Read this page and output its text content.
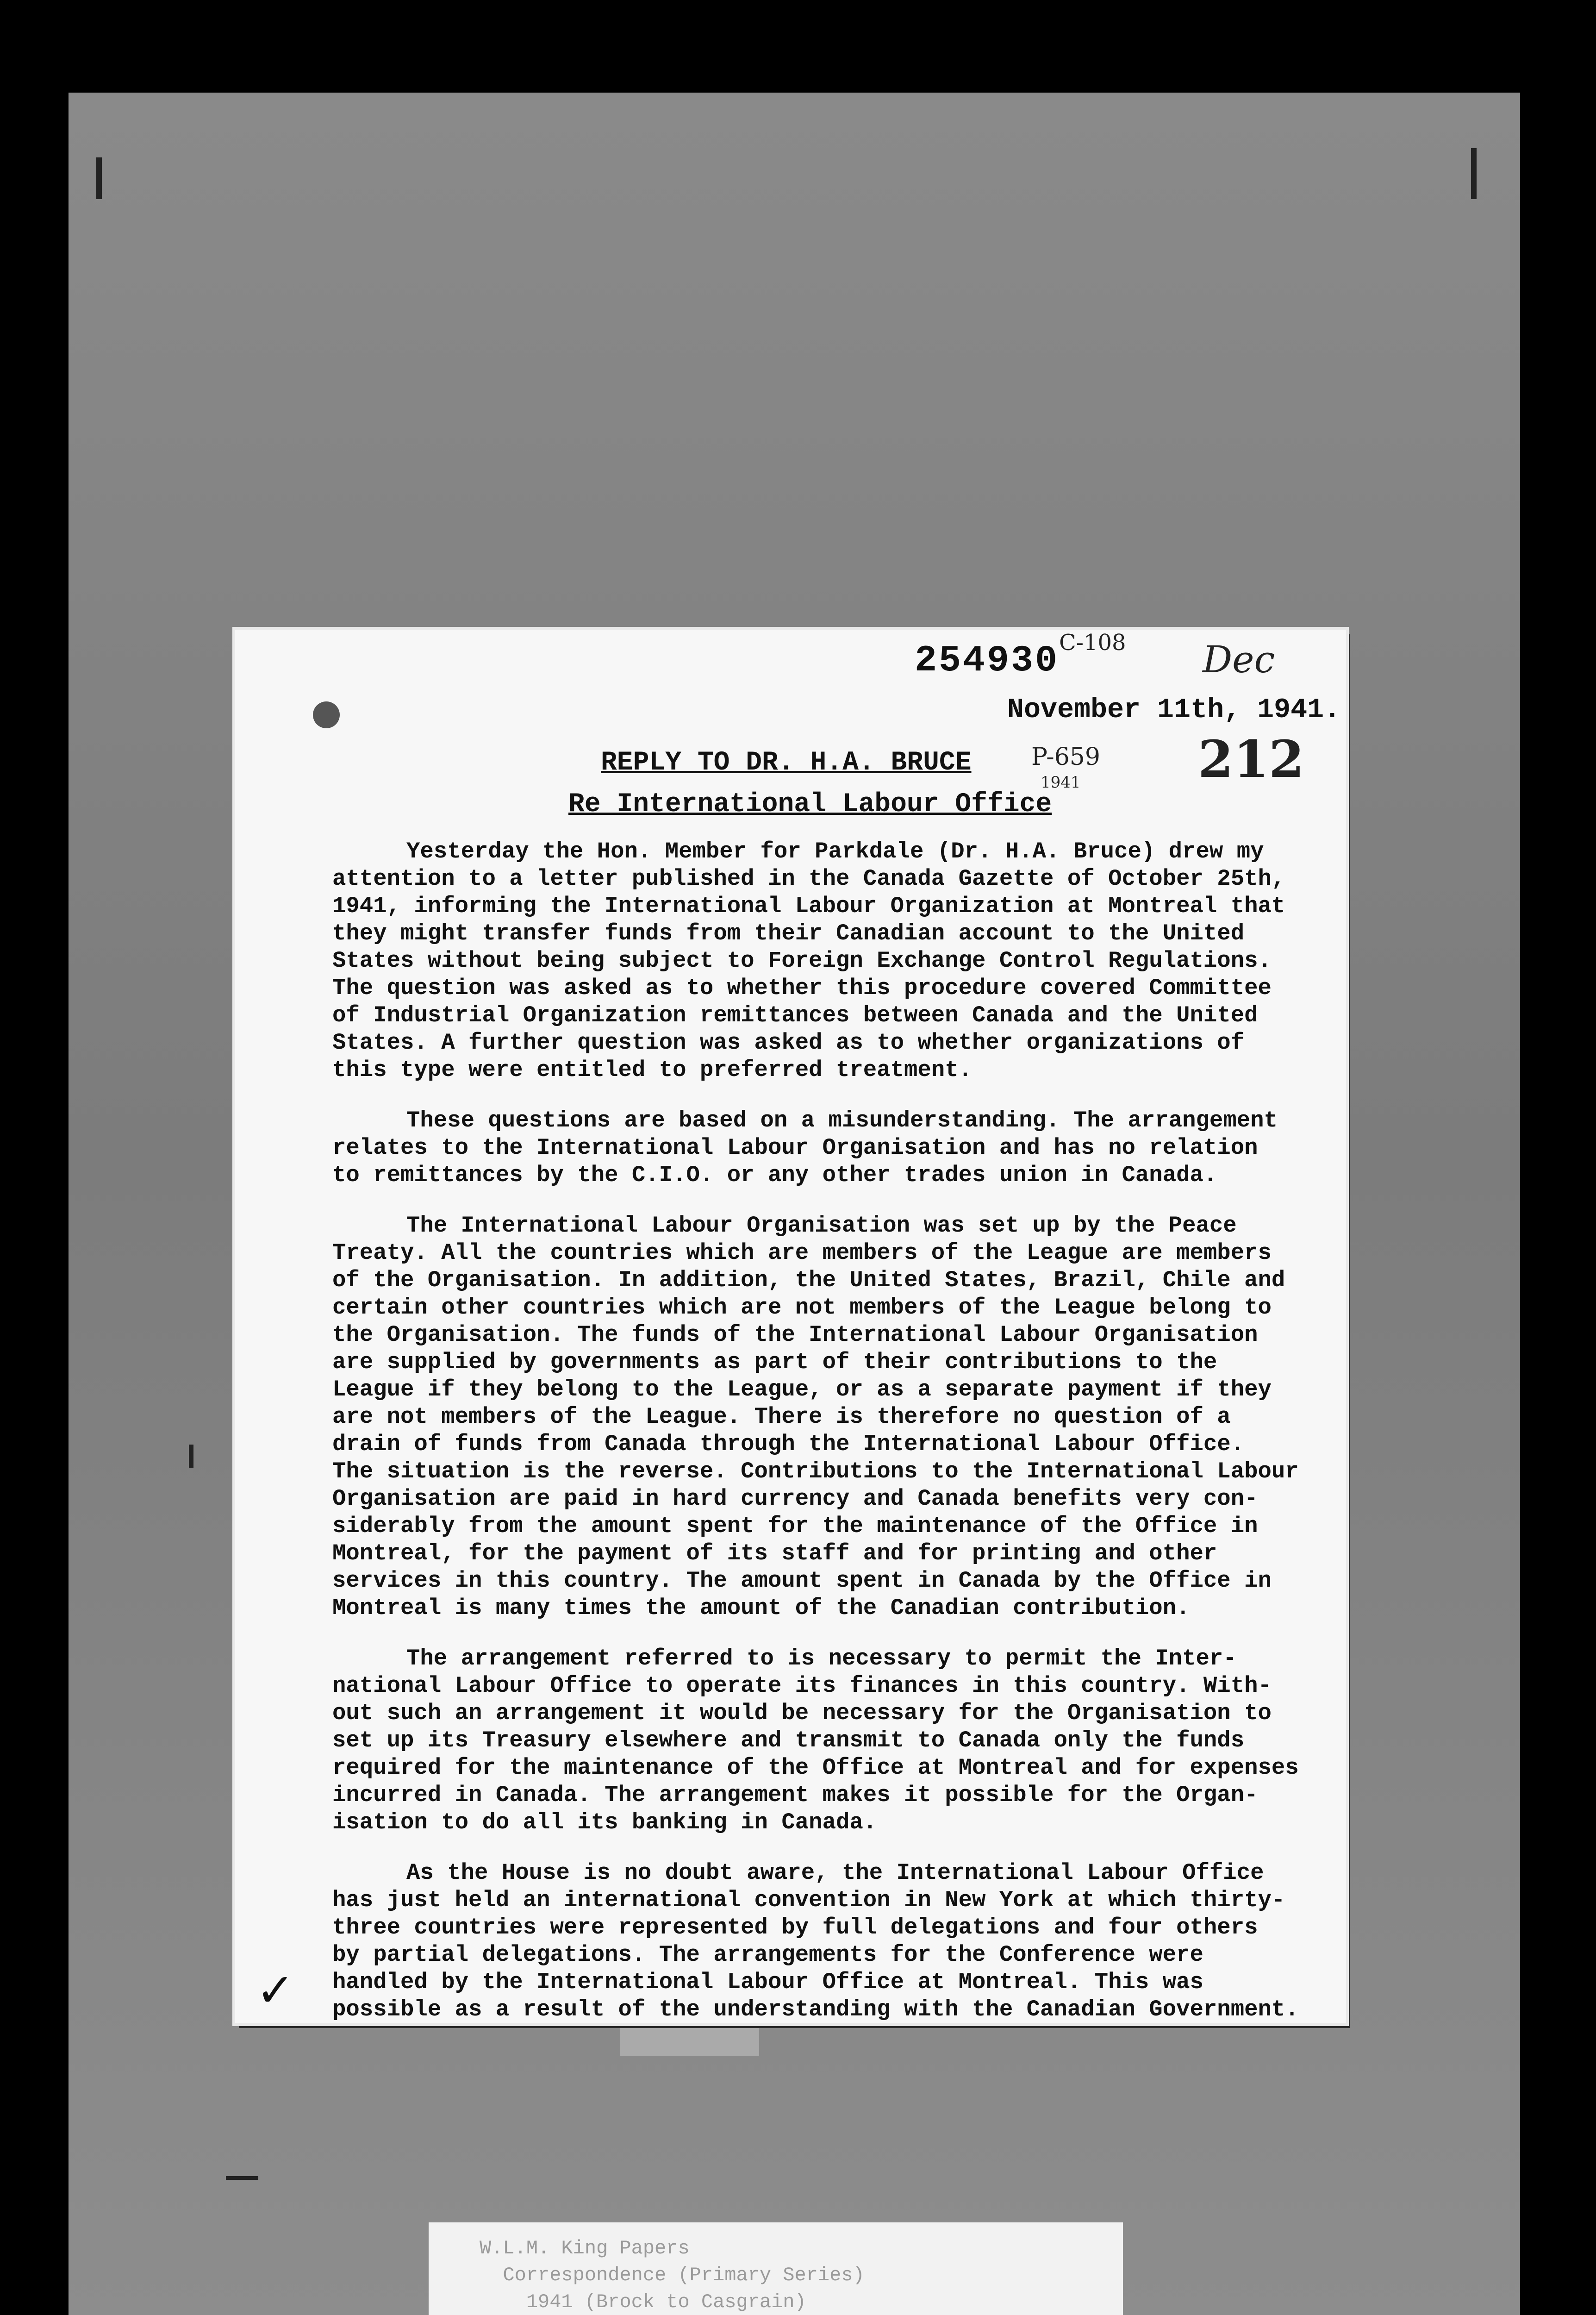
254930 C-108 Dec
November 11th, 1941.
REPLY TO DR. H.A. BRUCE P-659
1941 212
Re International Labour Office

Yesterday the Hon. Member for Parkdale (Dr. H.A. Bruce) drew my
attention to a letter published in the Canada Gazette of October 25th,
1941, informing the International Labour Organization at Montreal that
they might transfer funds from their Canadian account to the United
States without being subject to Foreign Exchange Control Regulations.
The question was asked as to whether this procedure covered Committee
of Industrial Organization remittances between Canada and the United
States. A further question was asked as to whether organizations of
this type were entitled to preferred treatment.

These questions are based on a misunderstanding. The arrangement
relates to the International Labour Organisation and has no relation
to remittances by the C.I.O. or any other trades union in Canada.

The International Labour Organisation was set up by the Peace
Treaty. All the countries which are members of the League are members
of the Organisation. In addition, the United States, Brazil, Chile and
certain other countries which are not members of the League belong to
the Organisation. The funds of the International Labour Organisation
are supplied by governments as part of their contributions to the
League if they belong to the League, or as a separate payment if they
are not members of the League. There is therefore no question of a
drain of funds from Canada through the International Labour Office.
The situation is the reverse. Contributions to the International Labour
Organisation are paid in hard currency and Canada benefits very con-
siderably from the amount spent for the maintenance of the Office in
Montreal, for the payment of its staff and for printing and other
services in this country. The amount spent in Canada by the Office in
Montreal is many times the amount of the Canadian contribution.

The arrangement referred to is necessary to permit the Inter-
national Labour Office to operate its finances in this country. With-
out such an arrangement it would be necessary for the Organisation to
set up its Treasury elsewhere and transmit to Canada only the funds
required for the maintenance of the Office at Montreal and for expenses
incurred in Canada. The arrangement makes it possible for the Organ-
isation to do all its banking in Canada.

As the House is no doubt aware, the International Labour Office
has just held an international convention in New York at which thirty-
three countries were represented by full delegations and four others
by partial delegations. The arrangements for the Conference were
handled by the International Labour Office at Montreal. This was
possible as a result of the understanding with the Canadian Government.

✓
W.L.M. King Papers
Correspondence (Primary Series)
1941 (Brock to Casgrain)
